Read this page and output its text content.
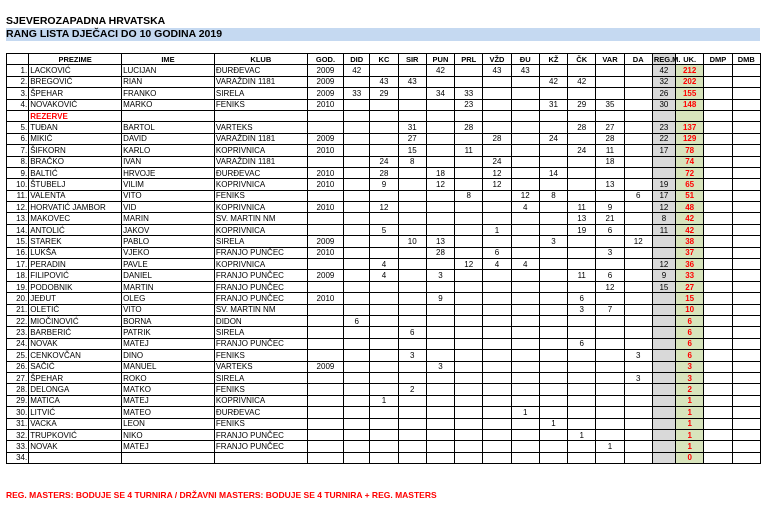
SJEVEROZAPADNA HRVATSKA
RANG LISTA DJEČACI DO 10 GODINA 2019
	PREZIME	IME	KLUB	GOD.	DID	KC	SIR	PUN	PRL	VŽD	ĐU	KŽ	ČK	VAR	DA	REG.M.	UK.	DMP	DMB
1.	LACKOVIĆ	LUCIJAN	ĐURĐEVAC	2009	42			42		43	43					42	212		
2.	BREGOVIĆ	RIAN	VARAŽDIN 1181	2009		43	43					42	42			32	202		
3.	ŠPEHAR	FRANKO	SIRELA	2009	33	29		34	33							26	155		
4.	NOVAKOVIĆ	MARKO	FENIKS	2010					23			31	29	35		30	148		
	REZERVE																		
5.	TUĐAN	BARTOL	VARTEKS				31		28				28	27		23	137		
6.	MIKIĆ	DAVID	VARAŽDIN 1181	2009			27			28		24		28		22	129		
7.	ŠIFKORN	KARLO	KOPRIVNICA	2010			15		11				24	11		17	78		
8.	BRAČKO	IVAN	VARAŽDIN 1181			24	8			24				18			74		
9.	BALTIĆ	HRVOJE	ĐURĐEVAC	2010		28		18		12		14					72		
10.	ŠTUBELJ	VILIM	KOPRIVNICA	2010		9		12		12				13		19	65		
11.	VALENTA	VITO	FENIKS						8		12	8			6	17	51		
12.	HORVATIĆ JAMBOR	VID	KOPRIVNICA	2010		12					4		11	9		12	48		
13.	MAKOVEC	MARIN	SV. MARTIN NM										13	21		8	42		
14.	ANTOLIĆ	JAKOV	KOPRIVNICA			5				1			19	6		11	42		
15.	STAREK	PABLO	SIRELA	2009			10	13				3			12		38		
16.	LUKŠA	VJEKO	FRANJO PUNČEC	2010				28		6				3			37		
17.	PERADIN	PAVLE	KOPRIVNICA			4			12	4	4					12	36		
18.	FILIPOVIĆ	DANIEL	FRANJO PUNČEC	2009		4		3					11	6		9	33		
19.	PODOBNIK	MARTIN	FRANJO PUNČEC											12		15	27		
20.	JEĐUT	OLEG	FRANJO PUNČEC	2010				9					6				15		
21.	OLETIĆ	VITO	SV. MARTIN NM										3	7			10		
22.	MIOČINOVIĆ	BORNA	DIDON		6												6		
23.	BARBERIĆ	PATRIK	SIRELA				6										6		
24.	NOVAK	MATEJ	FRANJO PUNČEC										6				6		
25.	CENKOVČAN	DINO	FENIKS				3								3		6		
26.	SAČIĆ	MANUEL	VARTEKS	2009				3									3		
27.	ŠPEHAR	ROKO	SIRELA												3		3		
28.	DELONGA	MATKO	FENIKS				2										2		
29.	MATICA	MATEJ	KOPRIVNICA			1											1		
30.	LITVIĆ	MATEO	ĐURĐEVAC								1						1		
31.	VACKA	LEON	FENIKS									1					1		
32.	TRUPKOVIĆ	NIKO	FRANJO PUNČEC										1				1		
33.	NOVAK	MATEJ	FRANJO PUNČEC											1			1		
34.																	0		
REG. MASTERS: BODUJE SE 4 TURNIRA / DRŽAVNI MASTERS: BODUJE SE 4 TURNIRA + REG. MASTERS
